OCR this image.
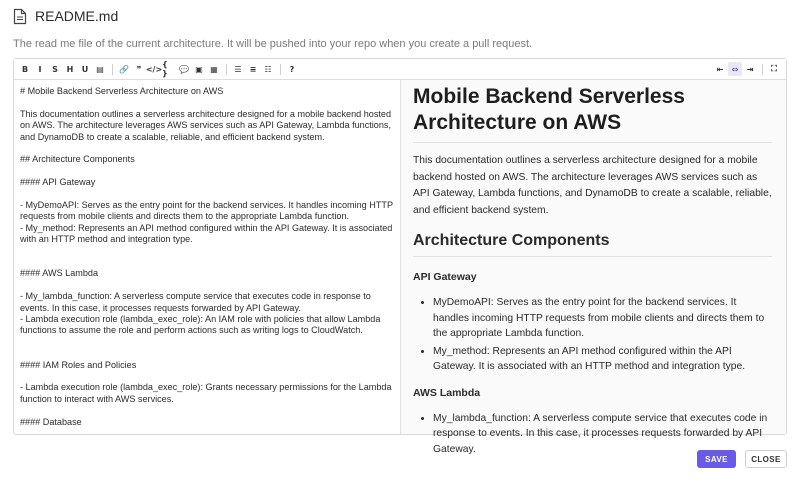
README.md
The read me file of the current architecture. It will be pushed into your repo when you create a pull request.
B	I	S	H	U ▤	🔗 ❞ </> { }	💬 ▣ ▦	☰	≡	☷	?	⇤	⇔	⇥	⛶
# Mobile Backend Serverless Architecture on AWS
This documentation outlines a serverless architecture designed for a mobile backend hosted
on AWS. The architecture leverages AWS services such as API Gateway, Lambda functions,
and DynamoDB to create a scalable, reliable, and efficient backend system.
## Architecture Components
#### API Gateway
- MyDemoAPI: Serves as the entry point for the backend services. It handles incoming HTTP
requests from mobile clients and directs them to the appropriate Lambda function.
- My_method: Represents an API method configured within the API Gateway. It is associated
with an HTTP method and integration type.
#### AWS Lambda
- My_lambda_function: A serverless compute service that executes code in response to
events. In this case, it processes requests forwarded by API Gateway.
- Lambda execution role (lambda_exec_role): An IAM role with policies that allow Lambda
functions to assume the role and perform actions such as writing logs to CloudWatch.
#### IAM Roles and Policies
- Lambda execution role (lambda_exec_role): Grants necessary permissions for the Lambda
function to interact with AWS services.
#### Database
Mobile Backend Serverless Architecture on AWS

This documentation outlines a serverless architecture designed for a mobile backend hosted on AWS. The architecture leverages AWS services such as API Gateway, Lambda functions, and DynamoDB to create a scalable, reliable, and efficient backend system.

Architecture Components
API Gateway
• MyDemoAPI: Serves as the entry point for the backend services. It handles incoming HTTP requests from mobile clients and directs them to the appropriate Lambda function.
• My_method: Represents an API method configured within the API Gateway. It is associated with an HTTP method and integration type.
AWS Lambda
• My_lambda_function: A serverless compute service that executes code in response to events. In this case, it processes requests forwarded by API Gateway.
SAVE	CLOSE
